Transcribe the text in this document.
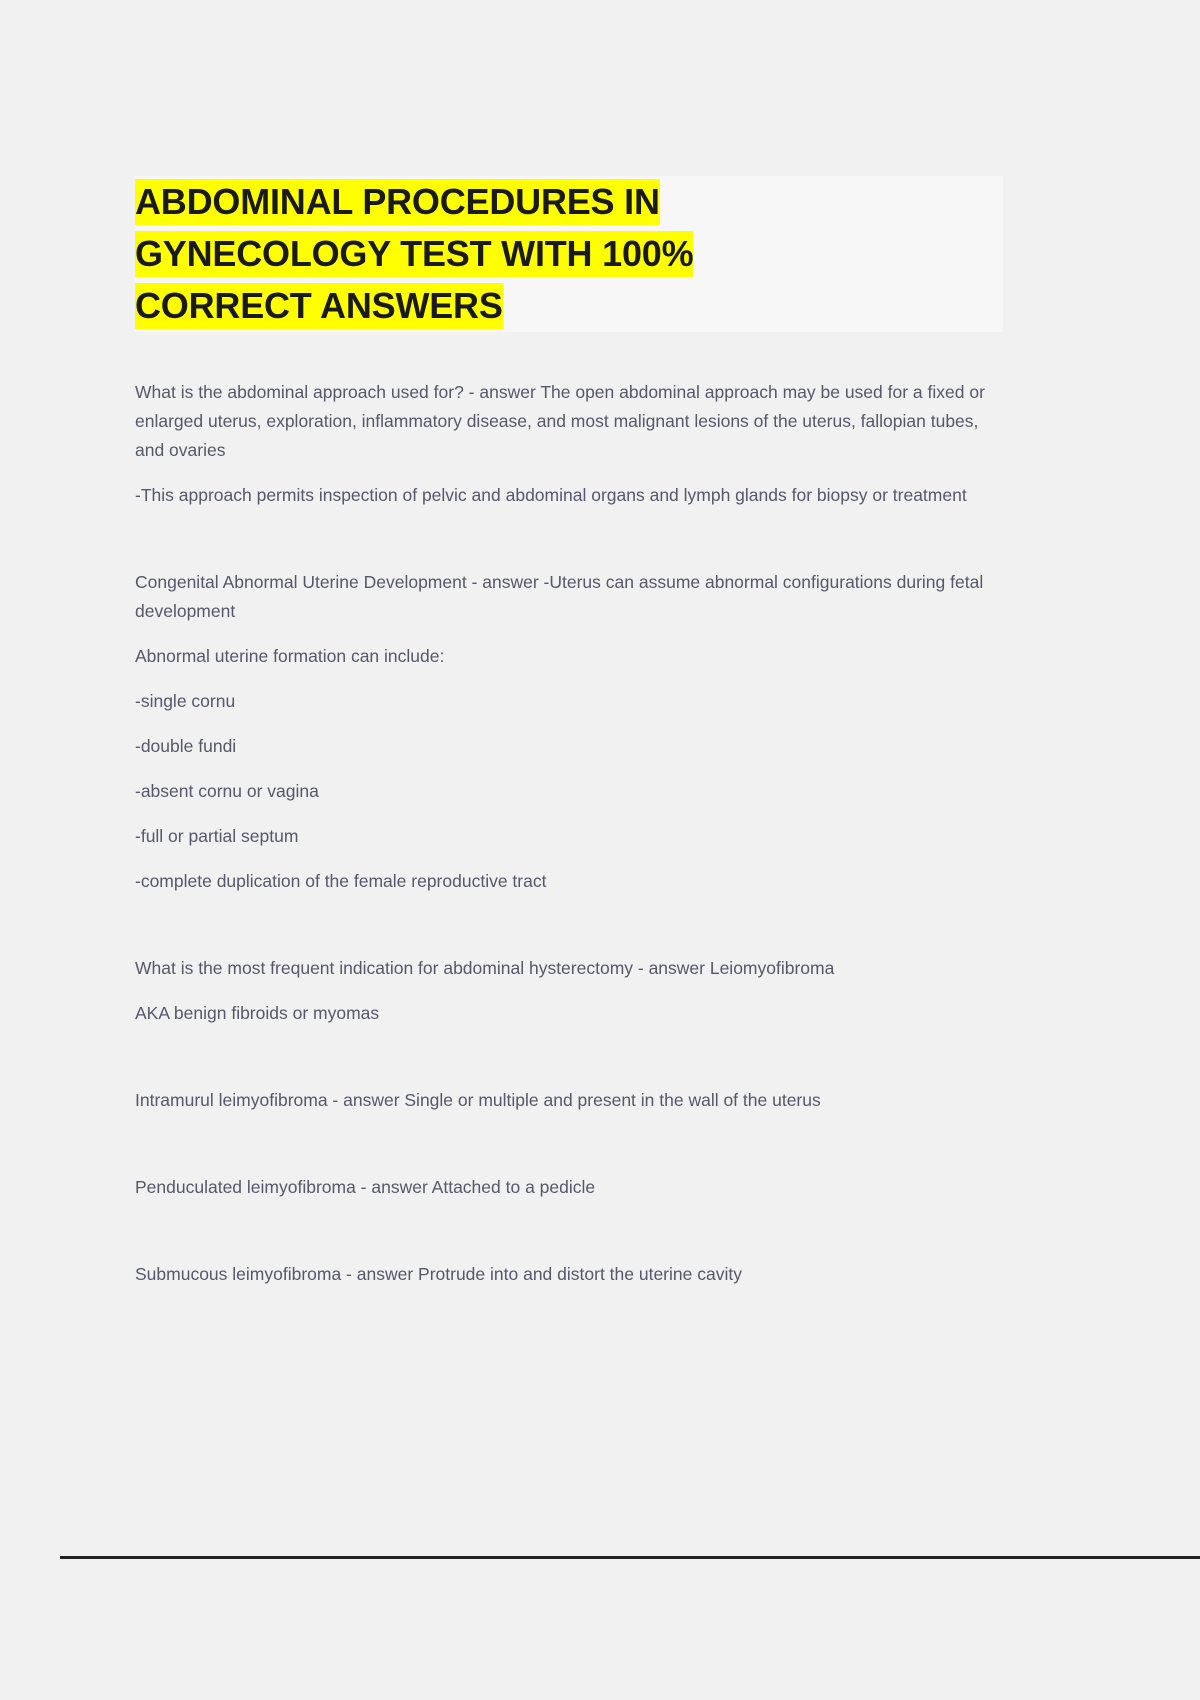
ABDOMINAL PROCEDURES IN
GYNECOLOGY TEST WITH 100%
CORRECT ANSWERS

What is the abdominal approach used for? - answer The open abdominal approach may be used for a fixed or enlarged uterus, exploration, inflammatory disease, and most malignant lesions of the uterus, fallopian tubes, and ovaries

-This approach permits inspection of pelvic and abdominal organs and lymph glands for biopsy or treatment

Congenital Abnormal Uterine Development - answer -Uterus can assume abnormal configurations during fetal development

Abnormal uterine formation can include:

-single cornu

-double fundi

-absent cornu or vagina

-full or partial septum

-complete duplication of the female reproductive tract

What is the most frequent indication for abdominal hysterectomy - answer Leiomyofibroma

AKA benign fibroids or myomas

Intramurul leimyofibroma - answer Single or multiple and present in the wall of the uterus

Penduculated leimyofibroma - answer Attached to a pedicle

Submucous leimyofibroma - answer Protrude into and distort the uterine cavity
